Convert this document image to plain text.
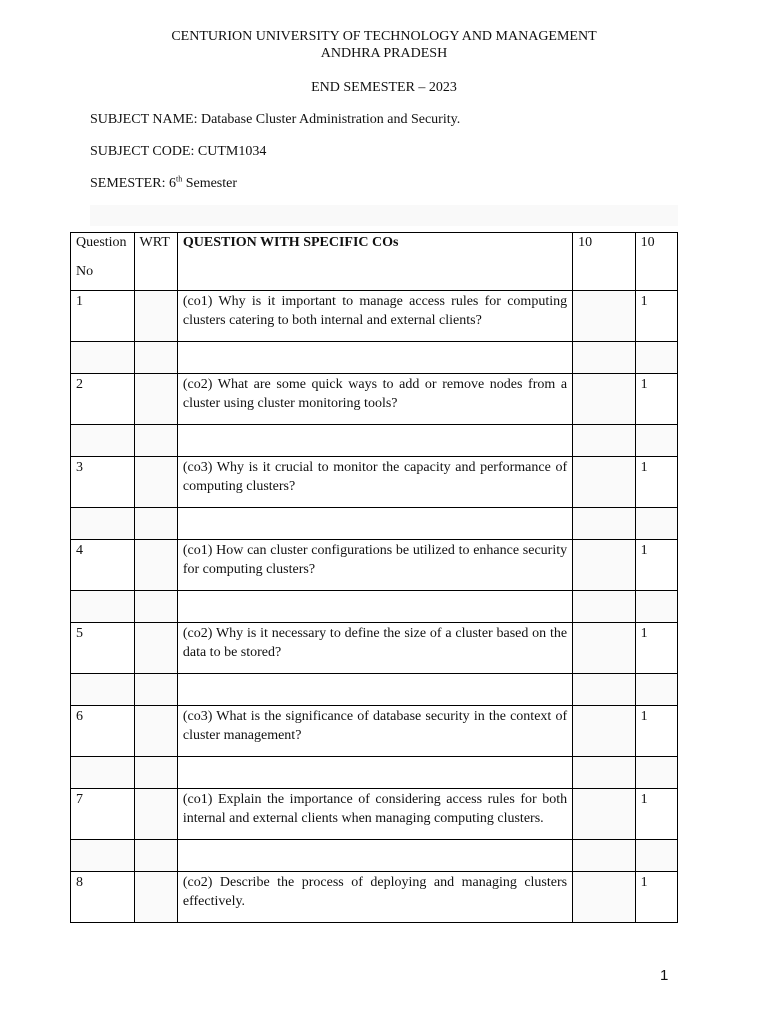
CENTURION UNIVERSITY OF TECHNOLOGY AND MANAGEMENT
ANDHRA PRADESH
END SEMESTER – 2023
SUBJECT NAME: Database Cluster Administration and Security.
SUBJECT CODE: CUTM1034
SEMESTER: 6th Semester
Question
No	WRT	QUESTION WITH SPECIFIC COs	10	10
1		(co1) Why is it important to manage access rules for computing clusters catering to both internal and external clients?		1

2		(co2) What are some quick ways to add or remove nodes from a cluster using cluster monitoring tools?		1

3		(co3) Why is it crucial to monitor the capacity and performance of computing clusters?		1

4		(co1) How can cluster configurations be utilized to enhance security for computing clusters?		1

5		(co2) Why is it necessary to define the size of a cluster based on the data to be stored?		1

6		(co3) What is the significance of database security in the context of cluster management?		1

7		(co1) Explain the importance of considering access rules for both internal and external clients when managing computing clusters.		1

8		(co2) Describe the process of deploying and managing clusters effectively.		1
1
